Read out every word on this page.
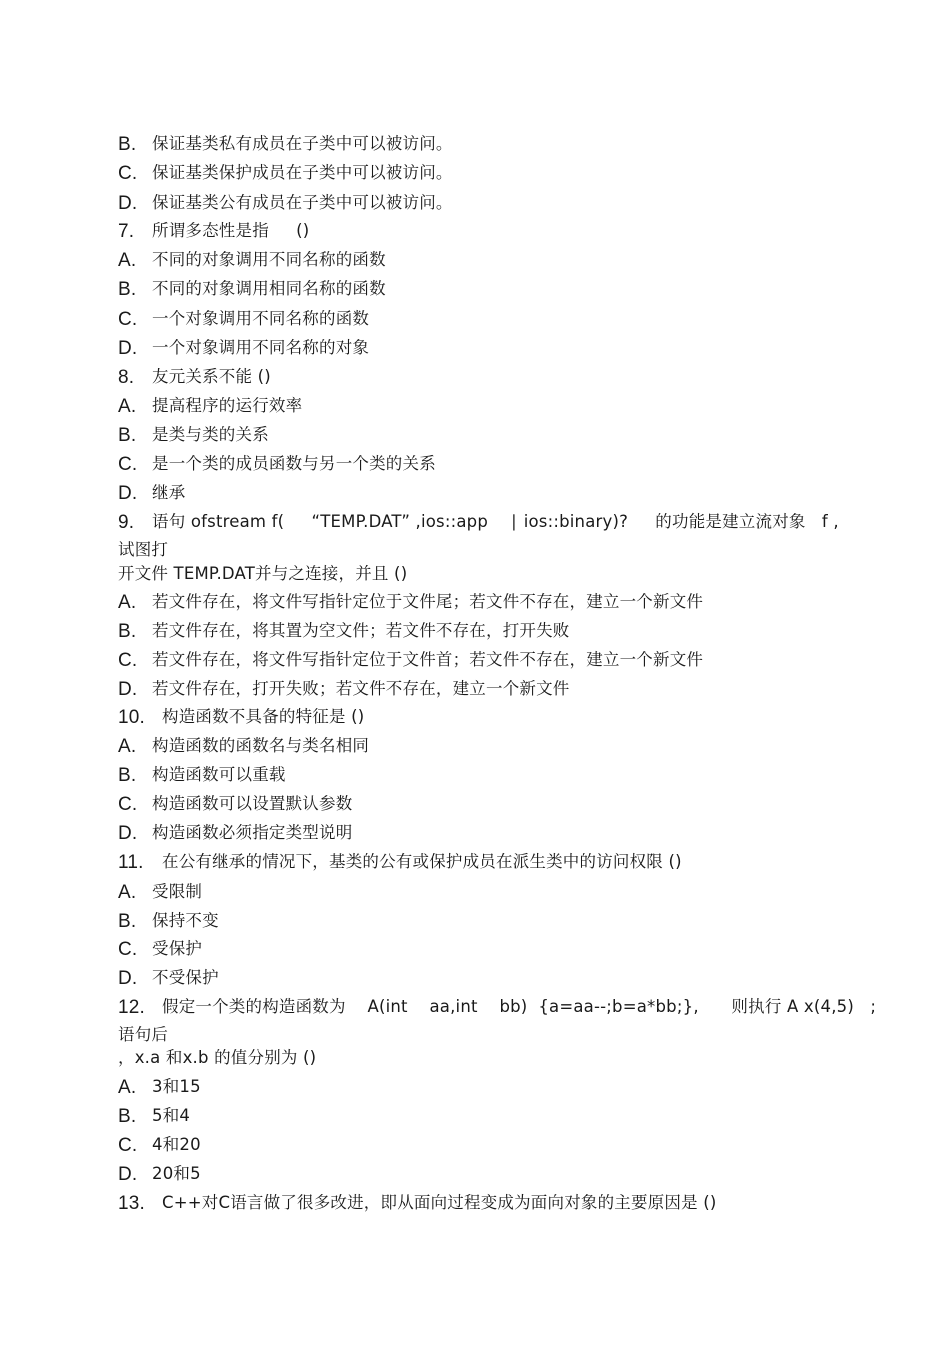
B. 保证基类私有成员在子类中可以被访问。
C. 保证基类保护成员在子类中可以被访问。
D. 保证基类公有成员在子类中可以被访问。
7. 所谓多态性是指     ()
A. 不同的对象调用不同名称的函数
B. 不同的对象调用相同名称的函数
C. 一个对象调用不同名称的函数
D. 一个对象调用不同名称的对象
8. 友元关系不能 ()
A. 提高程序的运行效率
B. 是类与类的关系
C. 是一个类的成员函数与另一个类的关系
D. 继承
9. 语句 ofstream f(     “TEMP.DAT” ,ios::app    ∣ ios::binary)?     的功能是建立流对象   f ,
试图打
开文件 TEMP.DAT并与之连接，并且 ()
A. 若文件存在，将文件写指针定位于文件尾；若文件不存在，建立一个新文件
B. 若文件存在，将其置为空文件；若文件不存在，打开失败
C. 若文件存在，将文件写指针定位于文件首；若文件不存在，建立一个新文件
D. 若文件存在，打开失败；若文件不存在，建立一个新文件
10. 构造函数不具备的特征是 ()
A. 构造函数的函数名与类名相同
B. 构造函数可以重载
C. 构造函数可以设置默认参数
D. 构造函数必须指定类型说明
11. 在公有继承的情况下，基类的公有或保护成员在派生类中的访问权限 ()
A. 受限制
B. 保持不变
C. 受保护
D. 不受保护
12. 假定一个类的构造函数为    A(int    aa,int    bb)  {a=aa--;b=a*bb;},      则执行 A x(4,5)   ;
语句后
，x.a 和x.b 的值分别为 ()
A. 3和15
B. 5和4
C. 4和20
D. 20和5
13. C++对C语言做了很多改进，即从面向过程变成为面向对象的主要原因是 ()
